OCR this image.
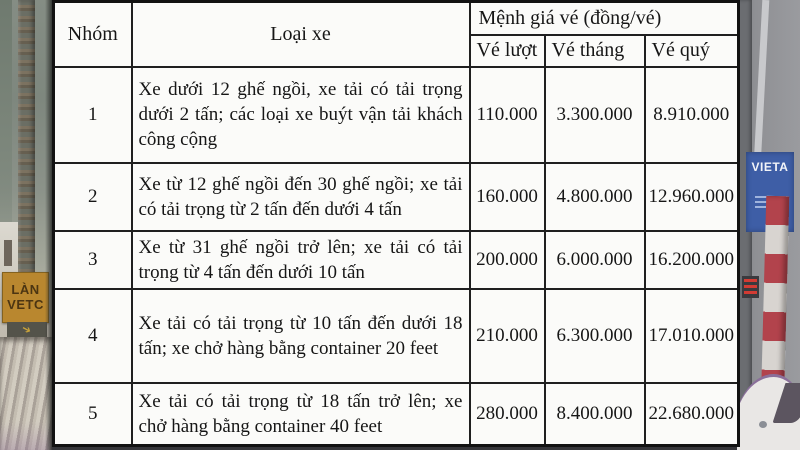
LÀN
VETC
➔
VIETA
Nhóm	Loại xe	Mệnh giá vé (đồng/vé)		
		Vé lượt	Vé tháng	Vé quý
1	Xe dưới 12 ghế ngồi, xe tải có tải trọng dưới 2 tấn; các loại xe buýt vận tải khách công cộng	110.000	3.300.000	8.910.000
2	Xe từ 12 ghế ngồi đến 30 ghế ngồi; xe tải có tải trọng từ 2 tấn đến dưới 4 tấn	160.000	4.800.000	12.960.000
3	Xe từ 31 ghế ngồi trở lên; xe tải có tải trọng từ 4 tấn đến dưới 10 tấn	200.000	6.000.000	16.200.000
4	Xe tải có tải trọng từ 10 tấn đến dưới 18 tấn; xe chở hàng bằng container 20 feet	210.000	6.300.000	17.010.000
5	Xe tải có tải trọng từ 18 tấn trở lên; xe chở hàng bằng container 40 feet	280.000	8.400.000	22.680.000
